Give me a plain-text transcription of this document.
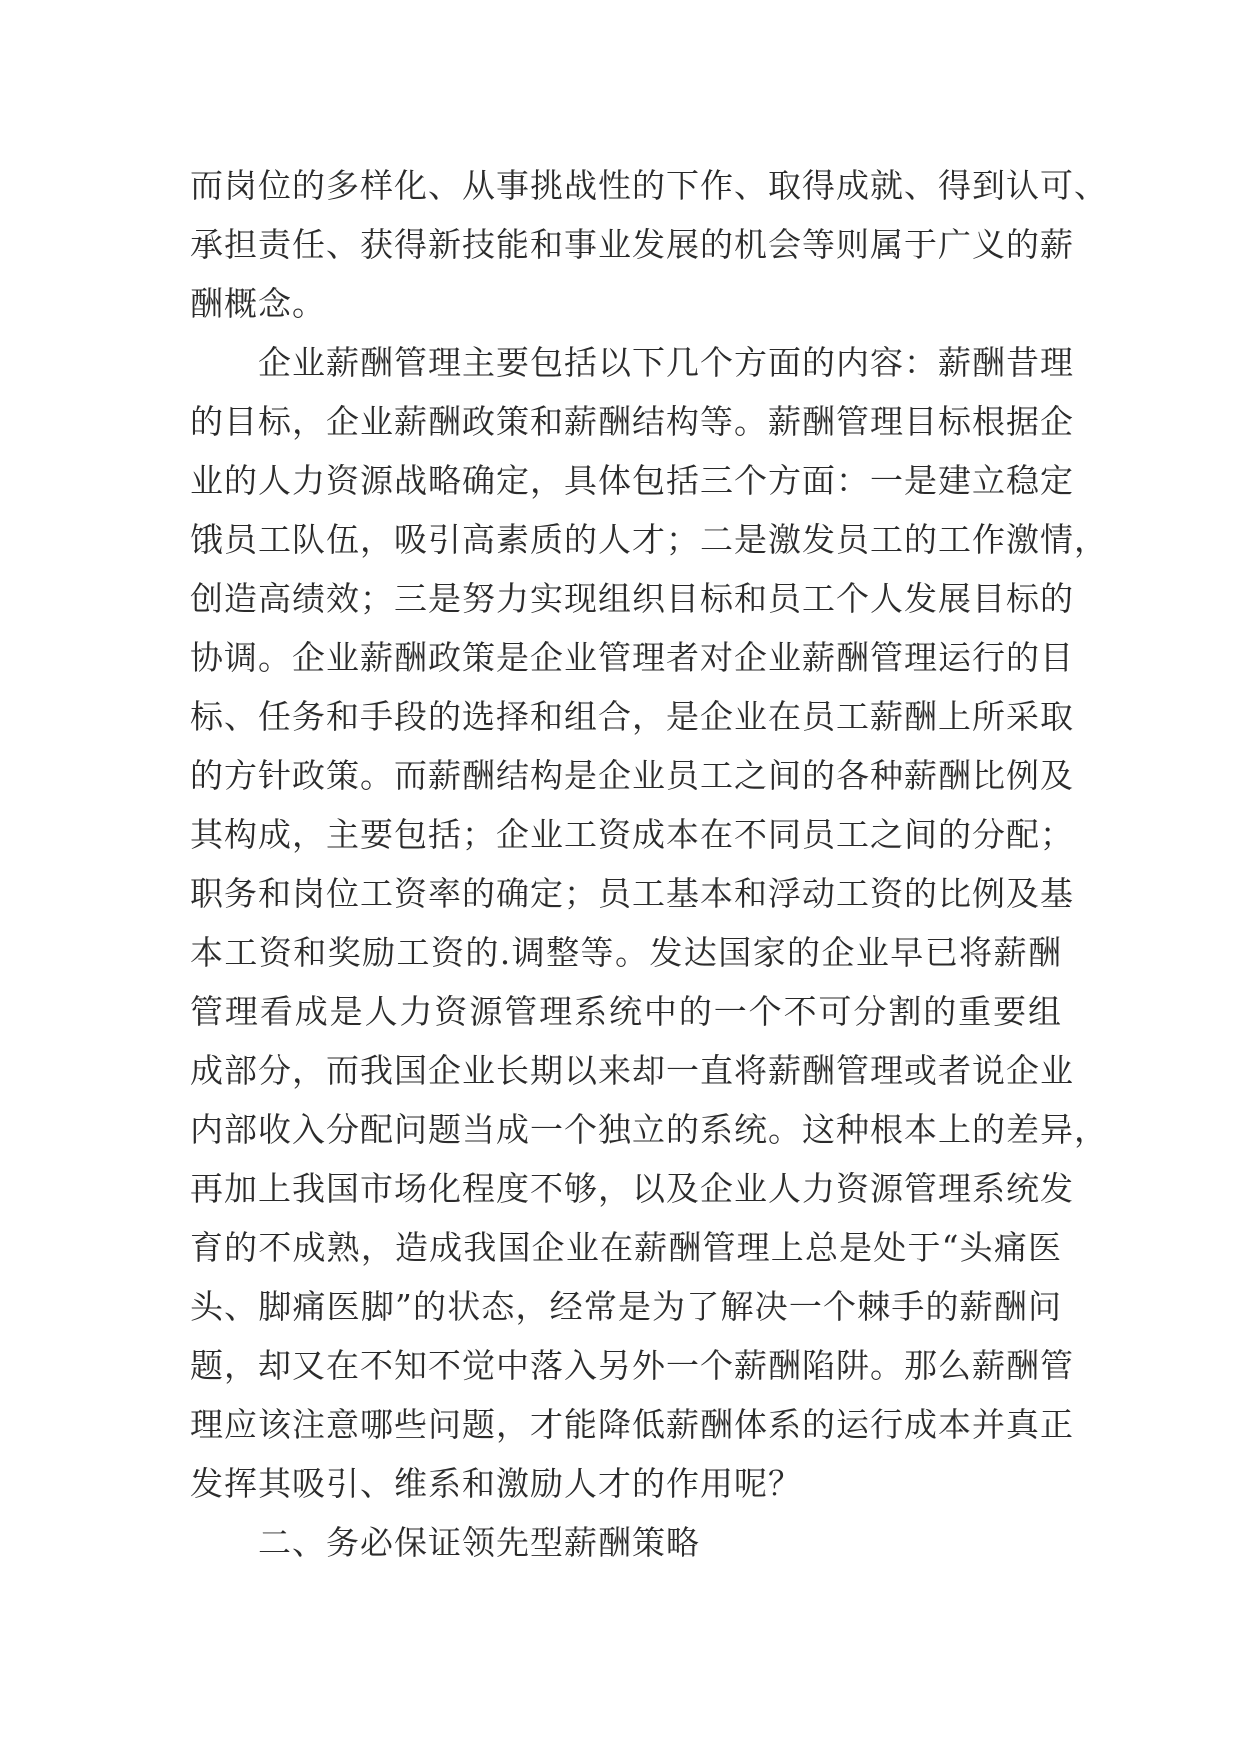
而岗位的多样化、从事挑战性的下作、取得成就、得到认可、
承担责任、获得新技能和事业发展的机会等则属于广义的薪
酬概念。
企业薪酬管理主要包括以下几个方面的内容：薪酬昔理
的目标，企业薪酬政策和薪酬结构等。薪酬管理目标根据企
业的人力资源战略确定，具体包括三个方面：一是建立稳定
饿员工队伍，吸引高素质的人才；二是激发员工的工作激情，
创造高绩效；三是努力实现组织目标和员工个人发展目标的
协调。企业薪酬政策是企业管理者对企业薪酬管理运行的目
标、任务和手段的选择和组合，是企业在员工薪酬上所采取
的方针政策。而薪酬结构是企业员工之间的各种薪酬比例及
其构成，主要包括；企业工资成本在不同员工之间的分配；
职务和岗位工资率的确定；员工基本和浮动工资的比例及基
本工资和奖励工资的.调整等。发达国家的企业早已将薪酬
管理看成是人力资源管理系统中的一个不可分割的重要组
成部分，而我国企业长期以来却一直将薪酬管理或者说企业
内部收入分配问题当成一个独立的系统。这种根本上的差异，
再加上我国市场化程度不够，以及企业人力资源管理系统发
育的不成熟，造成我国企业在薪酬管理上总是处于“头痛医
头、脚痛医脚”的状态，经常是为了解决一个棘手的薪酬问
题，却又在不知不觉中落入另外一个薪酬陷阱。那么薪酬管
理应该注意哪些问题，才能降低薪酬体系的运行成本并真正
发挥其吸引、维系和激励人才的作用呢？
二、务必保证领先型薪酬策略
